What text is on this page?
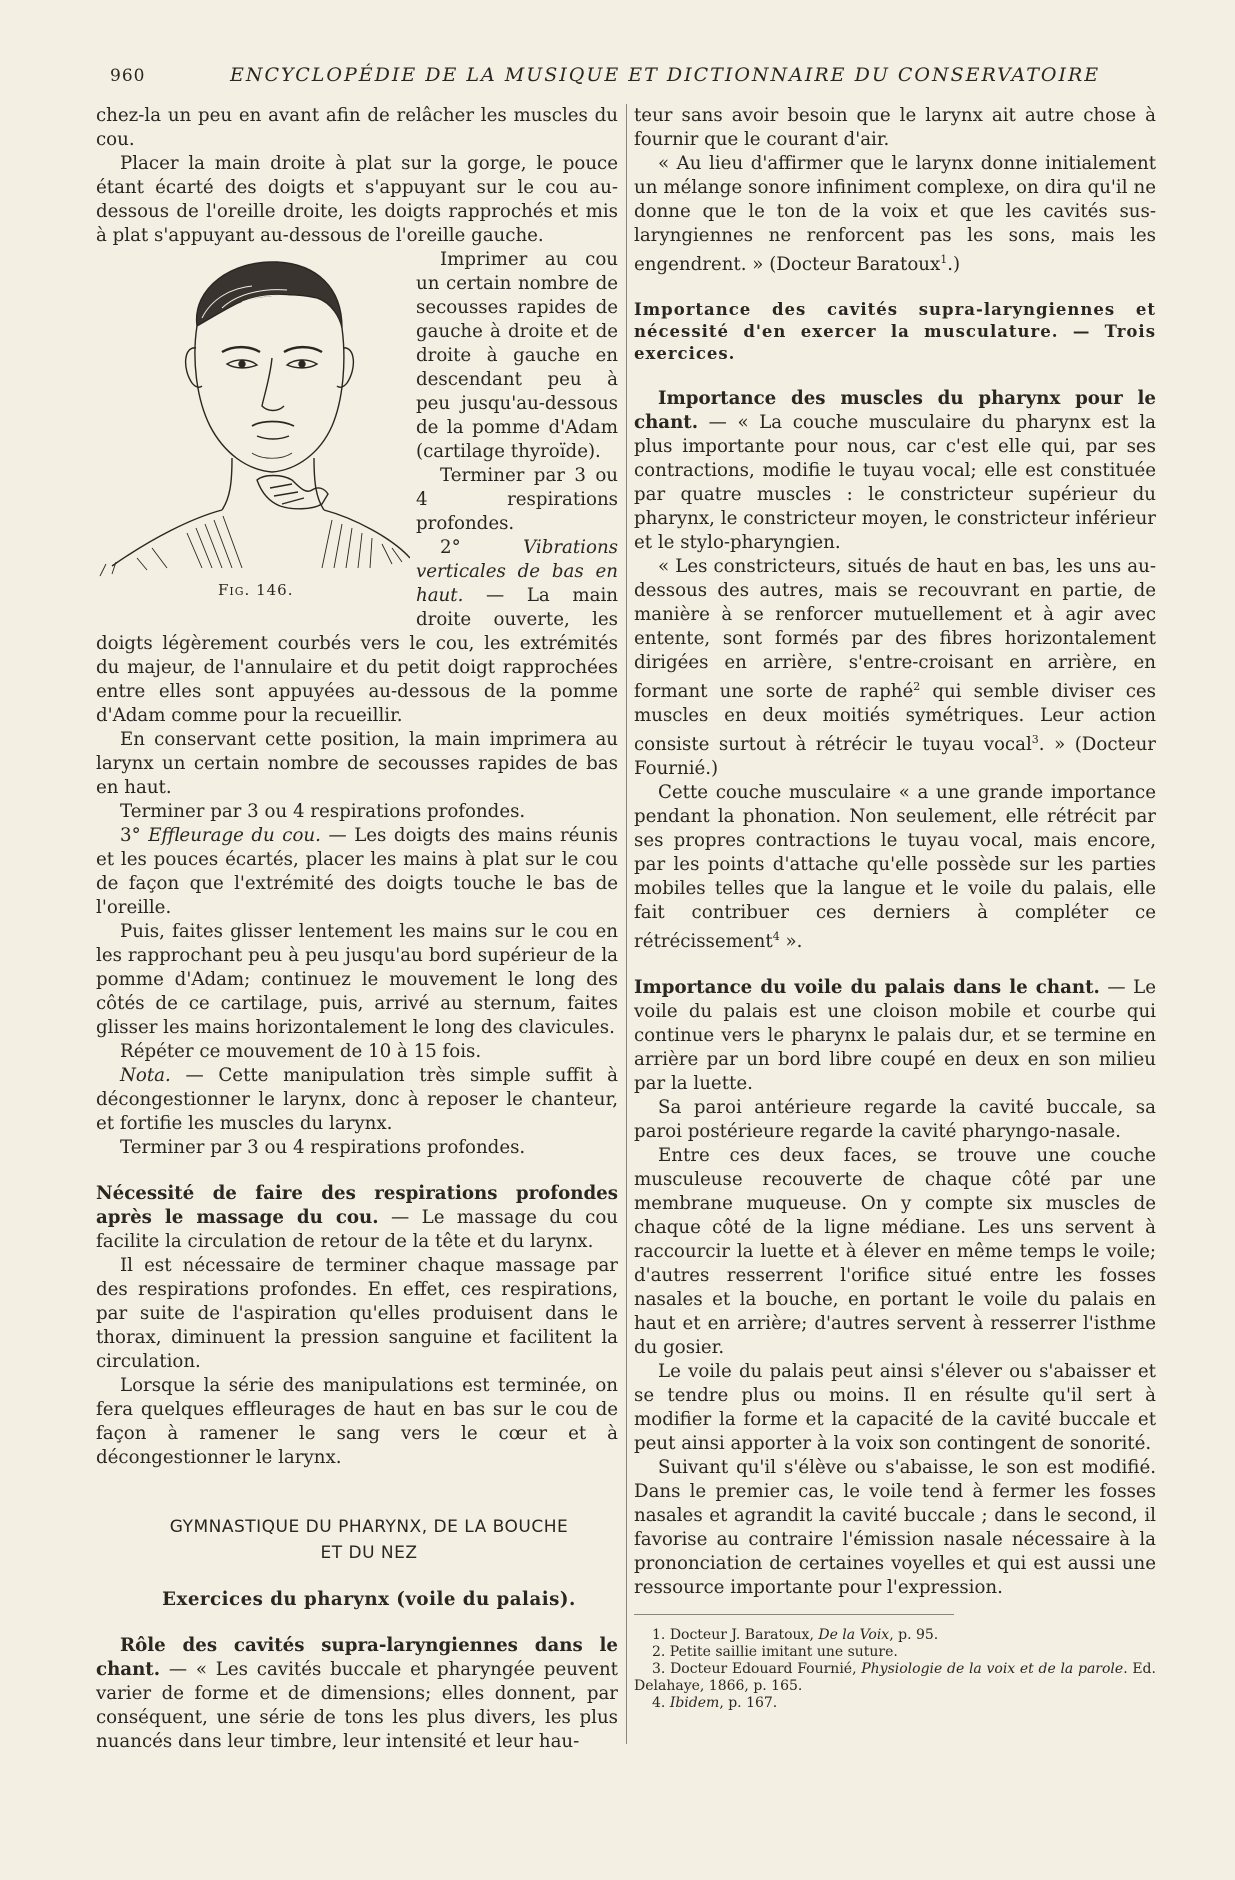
960	ENCYCLOPÉDIE DE LA MUSIQUE ET DICTIONNAIRE DU CONSERVATOIRE

chez-la un peu en avant afin de relâcher les muscles du cou.

Placer la main droite à plat sur la gorge, le pouce étant écarté des doigts et s'appuyant sur le cou au-dessous de l'oreille droite, les doigts rapprochés et mis à plat s'appuyant au-dessous de l'oreille gauche.

Fig. 146.

Imprimer au cou un certain nombre de secousses rapides de gauche à droite et de droite à gauche en descendant peu à peu jusqu'au-dessous de la pomme d'Adam (cartilage thyroïde).

Terminer par 3 ou 4 respirations profondes.

2° Vibrations verticales de bas en haut. — La main droite ouverte, les doigts légèrement courbés vers le cou, les extrémités du majeur, de l'annulaire et du petit doigt rapprochées entre elles sont appuyées au-dessous de la pomme d'Adam comme pour la recueillir.

En conservant cette position, la main imprimera au larynx un certain nombre de secousses rapides de bas en haut.

Terminer par 3 ou 4 respirations profondes.

3° Effleurage du cou. — Les doigts des mains réunis et les pouces écartés, placer les mains à plat sur le cou de façon que l'extrémité des doigts touche le bas de l'oreille.

Puis, faites glisser lentement les mains sur le cou en les rapprochant peu à peu jusqu'au bord supérieur de la pomme d'Adam; continuez le mouvement le long des côtés de ce cartilage, puis, arrivé au sternum, faites glisser les mains horizontalement le long des clavicules.

Répéter ce mouvement de 10 à 15 fois.

Nota. — Cette manipulation très simple suffit à décongestionner le larynx, donc à reposer le chanteur, et fortifie les muscles du larynx.

Terminer par 3 ou 4 respirations profondes.

Nécessité de faire des respirations profondes après le massage du cou. — Le massage du cou facilite la circulation de retour de la tête et du larynx.

Il est nécessaire de terminer chaque massage par des respirations profondes. En effet, ces respirations, par suite de l'aspiration qu'elles produisent dans le thorax, diminuent la pression sanguine et facilitent la circulation.

Lorsque la série des manipulations est terminée, on fera quelques effleurages de haut en bas sur le cou de façon à ramener le sang vers le cœur et à décongestionner le larynx.

GYMNASTIQUE DU PHARYNX, DE LA BOUCHE

ET DU NEZ

Exercices du pharynx (voile du palais).

Rôle des cavités supra-laryngiennes dans le chant. — « Les cavités buccale et pharyngée peuvent varier de forme et de dimensions; elles donnent, par conséquent, une série de tons les plus divers, les plus nuancés dans leur timbre, leur intensité et leur hau-

teur sans avoir besoin que le larynx ait autre chose à fournir que le courant d'air.

« Au lieu d'affirmer que le larynx donne initialement un mélange sonore infiniment complexe, on dira qu'il ne donne que le ton de la voix et que les cavités sus-laryngiennes ne renforcent pas les sons, mais les engendrent. » (Docteur Baratoux$^1$.)

Importance des cavités supra-laryngiennes et nécessité d'en exercer la musculature. — Trois exercices.

Importance des muscles du pharynx pour le chant. — « La couche musculaire du pharynx est la plus importante pour nous, car c'est elle qui, par ses contractions, modifie le tuyau vocal; elle est constituée par quatre muscles : le constricteur supérieur du pharynx, le constricteur moyen, le constricteur inférieur et le stylo-pharyngien.

« Les constricteurs, situés de haut en bas, les uns au-dessous des autres, mais se recouvrant en partie, de manière à se renforcer mutuellement et à agir avec entente, sont formés par des fibres horizontalement dirigées en arrière, s'entre-croisant en arrière, en formant une sorte de raphé$^2$ qui semble diviser ces muscles en deux moitiés symétriques. Leur action consiste surtout à rétrécir le tuyau vocal$^3$. » (Docteur Fournié.)

Cette couche musculaire « a une grande importance pendant la phonation. Non seulement, elle rétrécit par ses propres contractions le tuyau vocal, mais encore, par les points d'attache qu'elle possède sur les parties mobiles telles que la langue et le voile du palais, elle fait contribuer ces derniers à compléter ce rétrécissement$^4$ ».

Importance du voile du palais dans le chant. — Le voile du palais est une cloison mobile et courbe qui continue vers le pharynx le palais dur, et se termine en arrière par un bord libre coupé en deux en son milieu par la luette.

Sa paroi antérieure regarde la cavité buccale, sa paroi postérieure regarde la cavité pharyngo-nasale.

Entre ces deux faces, se trouve une couche musculeuse recouverte de chaque côté par une membrane muqueuse. On y compte six muscles de chaque côté de la ligne médiane. Les uns servent à raccourcir la luette et à élever en même temps le voile; d'autres resserrent l'orifice situé entre les fosses nasales et la bouche, en portant le voile du palais en haut et en arrière; d'autres servent à resserrer l'isthme du gosier.

Le voile du palais peut ainsi s'élever ou s'abaisser et se tendre plus ou moins. Il en résulte qu'il sert à modifier la forme et la capacité de la cavité buccale et peut ainsi apporter à la voix son contingent de sonorité.

Suivant qu'il s'élève ou s'abaisse, le son est modifié. Dans le premier cas, le voile tend à fermer les fosses nasales et agrandit la cavité buccale ; dans le second, il favorise au contraire l'émission nasale nécessaire à la prononciation de certaines voyelles et qui est aussi une ressource importante pour l'expression.

1. Docteur J. Baratoux, De la Voix, p. 95.

2. Petite saillie imitant une suture.

3. Docteur Edouard Fournié, Physiologie de la voix et de la parole. Ed. Delahaye, 1866, p. 165.

4. Ibidem, p. 167.
